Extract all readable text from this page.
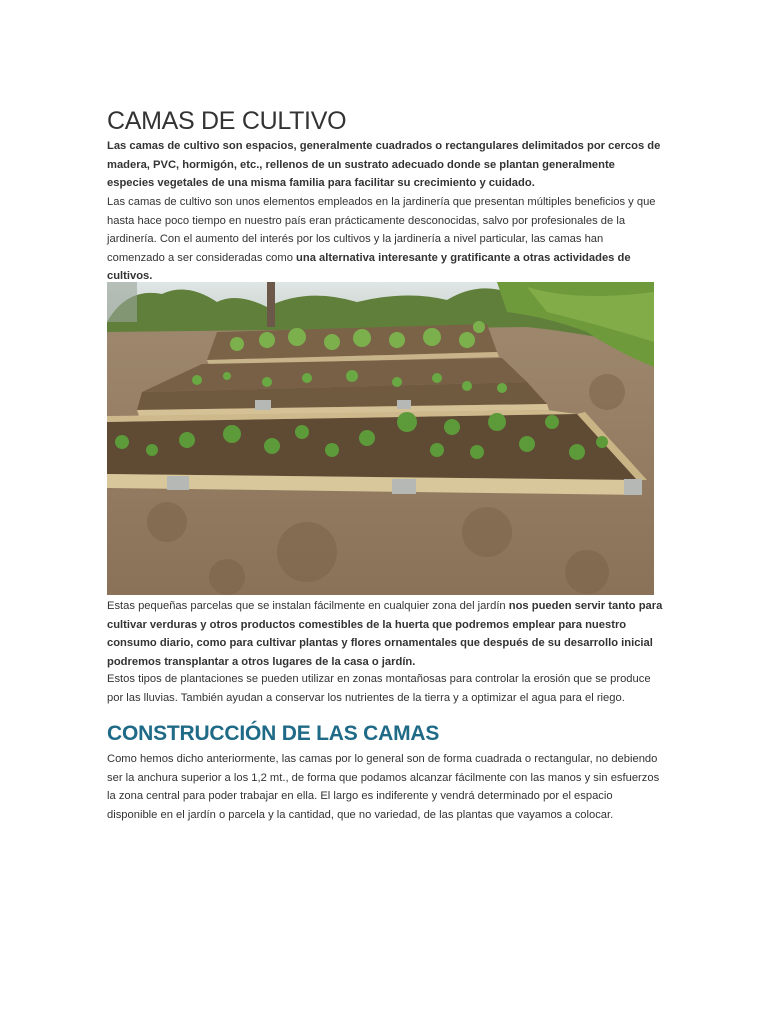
CAMAS DE CULTIVO

Las camas de cultivo son espacios, generalmente cuadrados o rectangulares delimitados por cercos de madera, PVC, hormigón, etc., rellenos de un sustrato adecuado donde se plantan generalmente especies vegetales de una misma familia para facilitar su crecimiento y cuidado.

Las camas de cultivo son unos elementos empleados en la jardinería que presentan múltiples beneficios y que hasta hace poco tiempo en nuestro país eran prácticamente desconocidas, salvo por profesionales de la jardinería. Con el aumento del interés por los cultivos y la jardinería a nivel particular, las camas han comenzado a ser consideradas como una alternativa interesante y gratificante a otras actividades de cultivos.

Estas pequeñas parcelas que se instalan fácilmente en cualquier zona del jardín nos pueden servir tanto para cultivar verduras y otros productos comestibles de la huerta que podremos emplear para nuestro consumo diario, como para cultivar plantas y flores ornamentales que después de su desarrollo inicial podremos transplantar a otros lugares de la casa o jardín.

Estos tipos de plantaciones se pueden utilizar en zonas montañosas para controlar la erosión que se produce por las lluvias. También ayudan a conservar los nutrientes de la tierra y a optimizar el agua para el riego.

CONSTRUCCIÓN DE LAS CAMAS

Como hemos dicho anteriormente, las camas por lo general son de forma cuadrada o rectangular, no debiendo ser la anchura superior a los 1,2 mt., de forma que podamos alcanzar fácilmente con las manos y sin esfuerzos la zona central para poder trabajar en ella. El largo es indiferente y vendrá determinado por el espacio disponible en el jardín o parcela y la cantidad, que no variedad, de las plantas que vayamos a colocar.
